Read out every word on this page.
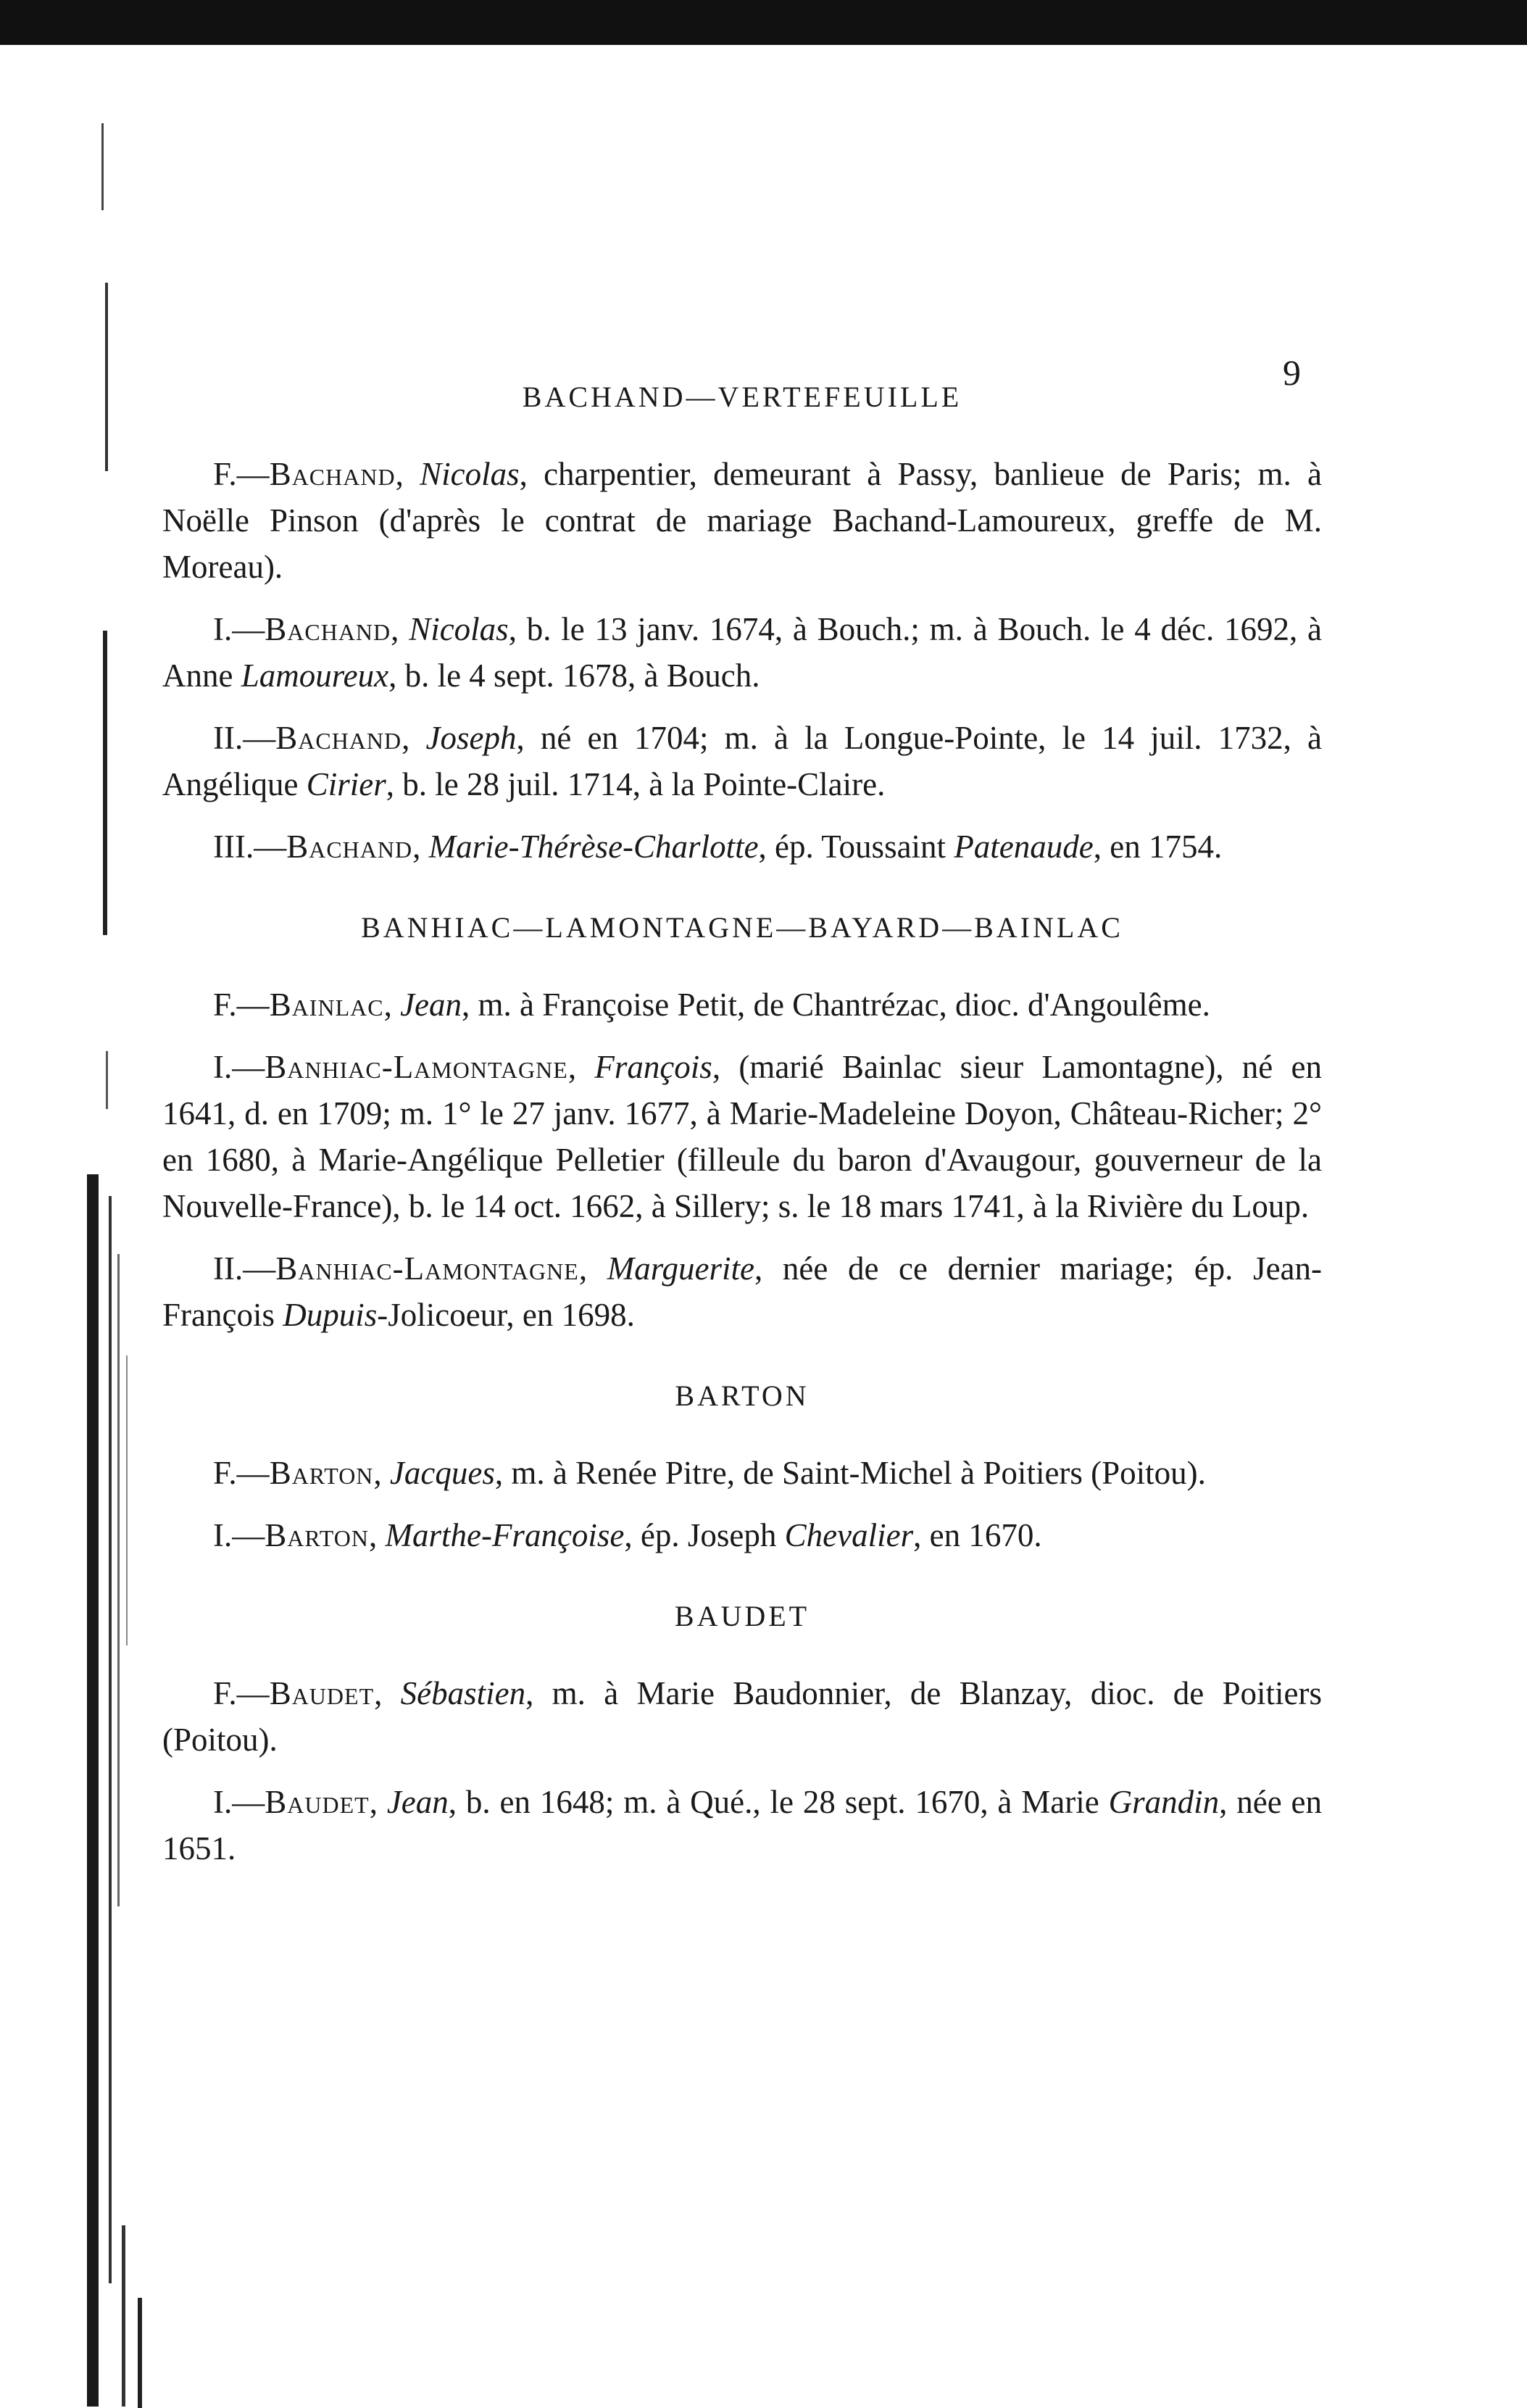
9
BACHAND—VERTEFEUILLE

F.—Bachand, Nicolas, charpentier, demeurant à Passy, banlieue de Paris; m. à Noëlle Pinson (d'après le contrat de mariage Bachand-Lamoureux, greffe de M. Moreau).

I.—Bachand, Nicolas, b. le 13 janv. 1674, à Bouch.; m. à Bouch. le 4 déc. 1692, à Anne Lamoureux, b. le 4 sept. 1678, à Bouch.

II.—Bachand, Joseph, né en 1704; m. à la Longue-Pointe, le 14 juil. 1732, à Angélique Cirier, b. le 28 juil. 1714, à la Pointe-Claire.

III.—Bachand, Marie-Thérèse-Charlotte, ép. Toussaint Patenaude, en 1754.

BANHIAC—LAMONTAGNE—BAYARD—BAINLAC

F.—Bainlac, Jean, m. à Françoise Petit, de Chantrézac, dioc. d'Angoulême.

I.—Banhiac-Lamontagne, François, (marié Bainlac sieur Lamontagne), né en 1641, d. en 1709; m. 1° le 27 janv. 1677, à Marie-Madeleine Doyon, Château-Richer; 2° en 1680, à Marie-Angélique Pelletier (filleule du baron d'Avaugour, gouverneur de la Nouvelle-France), b. le 14 oct. 1662, à Sillery; s. le 18 mars 1741, à la Rivière du Loup.

II.—Banhiac-Lamontagne, Marguerite, née de ce dernier mariage; ép. Jean-François Dupuis-Jolicoeur, en 1698.

BARTON

F.—Barton, Jacques, m. à Renée Pitre, de Saint-Michel à Poitiers (Poitou).

I.—Barton, Marthe-Françoise, ép. Joseph Chevalier, en 1670.

BAUDET

F.—Baudet, Sébastien, m. à Marie Baudonnier, de Blanzay, dioc. de Poitiers (Poitou).

I.—Baudet, Jean, b. en 1648; m. à Qué., le 28 sept. 1670, à Marie Grandin, née en 1651.
